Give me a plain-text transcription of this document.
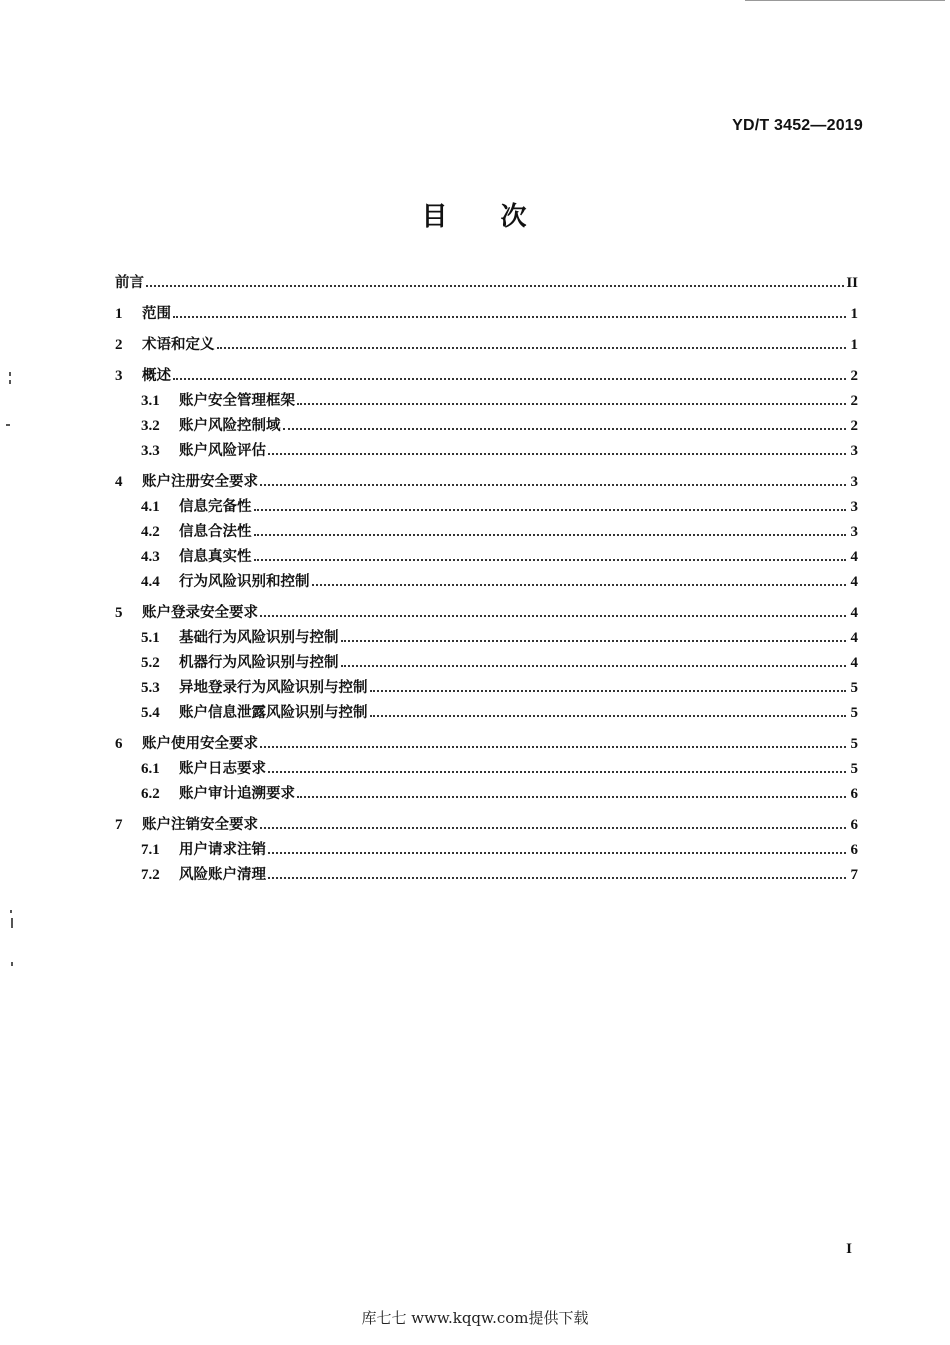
YD/T 3452—2019
目 次
前言	II
1	范围	1
2	术语和定义	1
3	概述	2
3.1	账户安全管理框架	2
3.2	账户风险控制域	2
3.3	账户风险评估	3
4	账户注册安全要求	3
4.1	信息完备性	3
4.2	信息合法性	3
4.3	信息真实性	4
4.4	行为风险识别和控制	4
5	账户登录安全要求	4
5.1	基础行为风险识别与控制	4
5.2	机器行为风险识别与控制	4
5.3	异地登录行为风险识别与控制	5
5.4	账户信息泄露风险识别与控制	5
6	账户使用安全要求	5
6.1	账户日志要求	5
6.2	账户审计追溯要求	6
7	账户注销安全要求	6
7.1	用户请求注销	6
7.2	风险账户清理	7
I
库七七 www.kqqw.com提供下载
